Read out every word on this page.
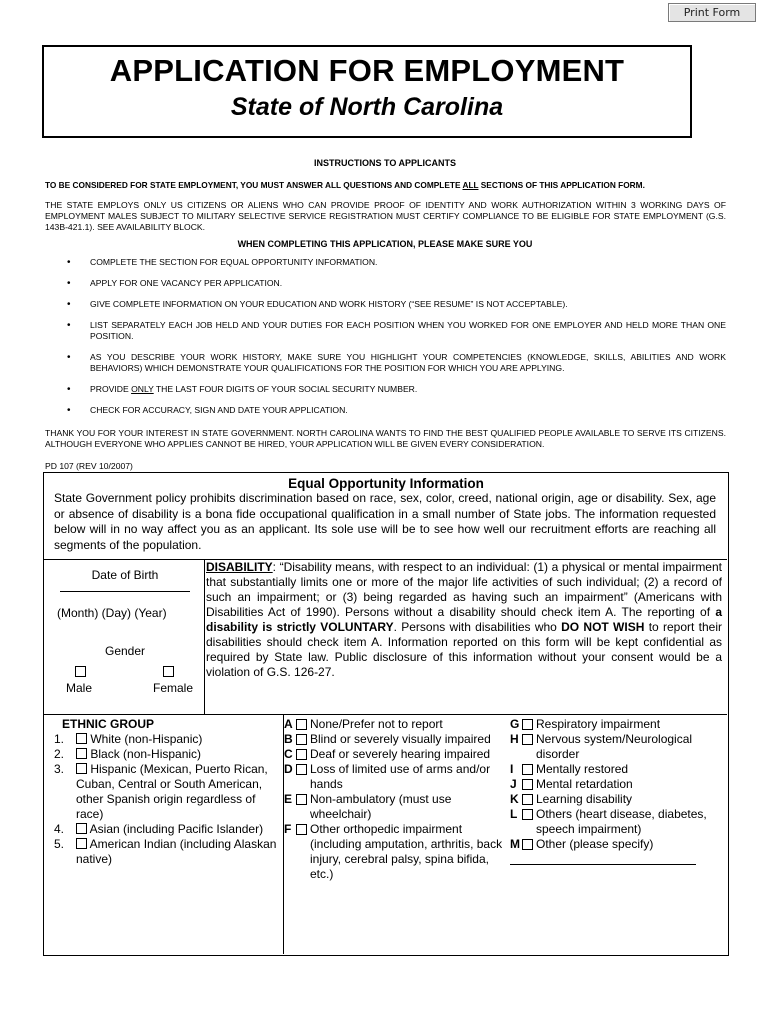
Print Form
APPLICATION FOR EMPLOYMENT
State of North Carolina
INSTRUCTIONS TO APPLICANTS
TO BE CONSIDERED FOR STATE EMPLOYMENT, YOU MUST ANSWER ALL QUESTIONS AND COMPLETE ALL SECTIONS OF THIS APPLICATION FORM.
THE STATE EMPLOYS ONLY US CITIZENS OR ALIENS WHO CAN PROVIDE PROOF OF IDENTITY AND WORK AUTHORIZATION WITHIN 3 WORKING DAYS OF EMPLOYMENT MALES SUBJECT TO MILITARY SELECTIVE SERVICE REGISTRATION MUST CERTIFY COMPLIANCE TO BE ELIGIBLE FOR STATE EMPLOYMENT (G.S. 143B-421.1). SEE AVAILABILITY BLOCK.
WHEN COMPLETING THIS APPLICATION, PLEASE MAKE SURE YOU
• COMPLETE THE SECTION FOR EQUAL OPPORTUNITY INFORMATION.
• APPLY FOR ONE VACANCY PER APPLICATION.
• GIVE COMPLETE INFORMATION ON YOUR EDUCATION AND WORK HISTORY (“SEE RESUME” IS NOT ACCEPTABLE).
• LIST SEPARATELY EACH JOB HELD AND YOUR DUTIES FOR EACH POSITION WHEN YOU WORKED FOR ONE EMPLOYER AND HELD MORE THAN ONE POSITION.
• AS YOU DESCRIBE YOUR WORK HISTORY, MAKE SURE YOU HIGHLIGHT YOUR COMPETENCIES (KNOWLEDGE, SKILLS, ABILITIES AND WORK BEHAVIORS) WHICH DEMONSTRATE YOUR QUALIFICATIONS FOR THE POSITION FOR WHICH YOU ARE APPLYING.
• PROVIDE ONLY THE LAST FOUR DIGITS OF YOUR SOCIAL SECURITY NUMBER.
• CHECK FOR ACCURACY, SIGN AND DATE YOUR APPLICATION.
THANK YOU FOR YOUR INTEREST IN STATE GOVERNMENT. NORTH CAROLINA WANTS TO FIND THE BEST QUALIFIED PEOPLE AVAILABLE TO SERVE ITS CITIZENS. ALTHOUGH EVERYONE WHO APPLIES CANNOT BE HIRED, YOUR APPLICATION WILL BE GIVEN EVERY CONSIDERATION.
PD 107 (REV 10/2007)
Equal Opportunity Information
State Government policy prohibits discrimination based on race, sex, color, creed, national origin, age or disability. Sex, age or absence of disability is a bona fide occupational qualification in a small number of State jobs. The information requested below will in no way affect you as an applicant. Its sole use will be to see how well our recruitment efforts are reaching all segments of the population.
Date of Birth
(Month) (Day) (Year)
Gender
Male	Female
DISABILITY: “Disability means, with respect to an individual: (1) a physical or mental impairment that substantially limits one or more of the major life activities of such individual; (2) a record of such an impairment; or (3) being regarded as having such an impairment” (Americans with Disabilities Act of 1990). Persons without a disability should check item A. The reporting of a disability is strictly VOLUNTARY. Persons with disabilities who DO NOT WISH to report their disabilities should check item A. Information reported on this form will be kept confidential as required by State law. Public disclosure of this information without your consent would be a violation of G.S. 126-27.
ETHNIC GROUP
1. White (non-Hispanic)
2. Black (non-Hispanic)
3. Hispanic (Mexican, Puerto Rican, Cuban, Central or South American, other Spanish origin regardless of race)
4. Asian (including Pacific Islander)
5. American Indian (including Alaskan native)
A None/Prefer not to report
B Blind or severely visually impaired
C Deaf or severely hearing impaired
D Loss of limited use of arms and/or hands
E Non-ambulatory (must use wheelchair)
F Other orthopedic impairment (including amputation, arthritis, back injury, cerebral palsy, spina bifida, etc.)
G Respiratory impairment
H Nervous system/Neurological disorder
I Mentally restored
J Mental retardation
K Learning disability
L Others (heart disease, diabetes, speech impairment)
M Other (please specify)
